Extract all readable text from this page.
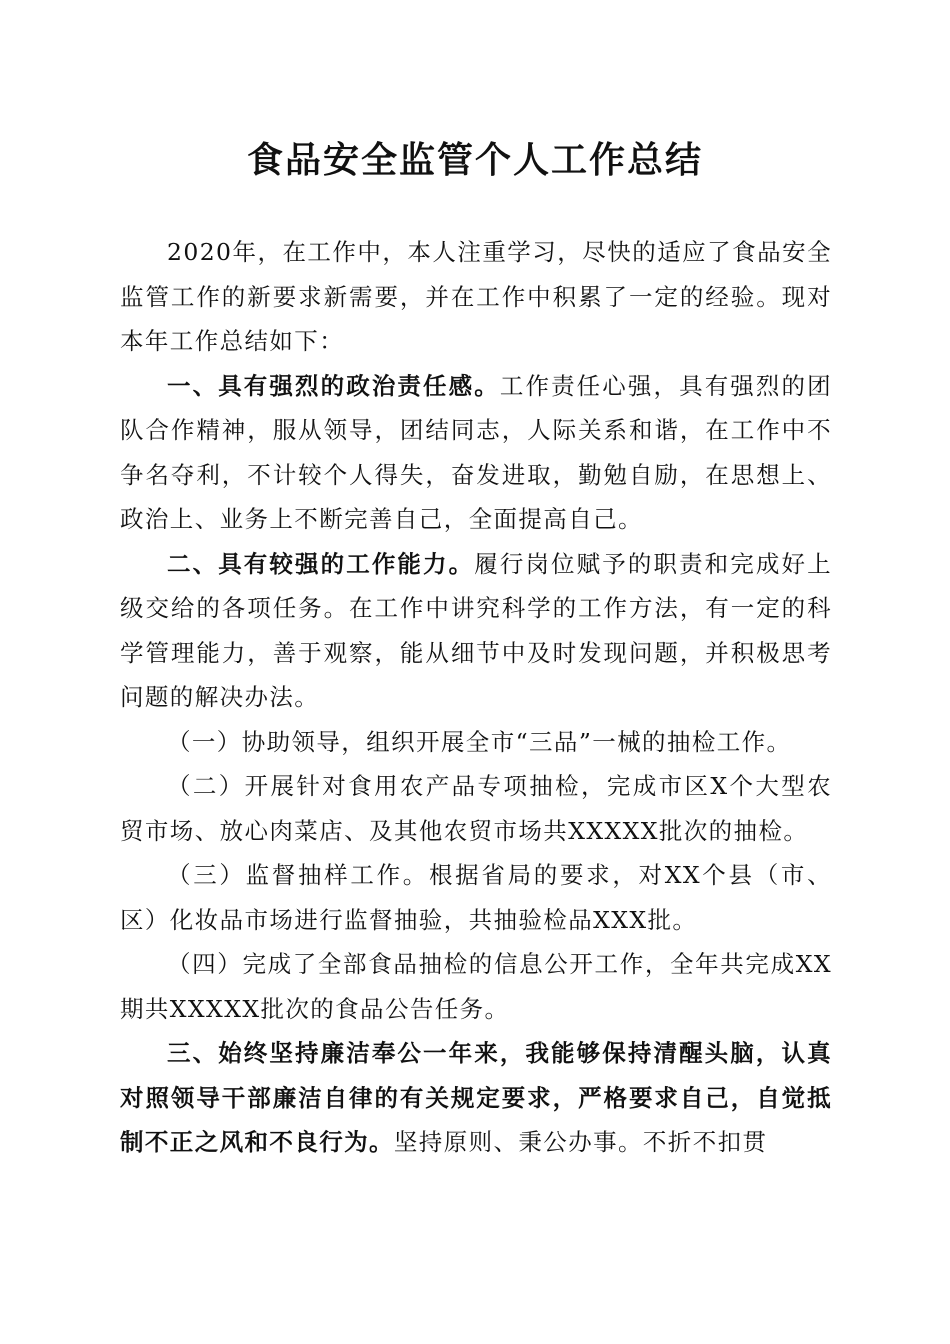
食品安全监管个人工作总结

2020年，在工作中，本人注重学习，尽快的适应了食品安全监管工作的新要求新需要，并在工作中积累了一定的经验。现对本年工作总结如下：

一、具有强烈的政治责任感。工作责任心强，具有强烈的团队合作精神，服从领导，团结同志，人际关系和谐，在工作中不争名夺利，不计较个人得失，奋发进取，勤勉自励，在思想上、政治上、业务上不断完善自己，全面提高自己。

二、具有较强的工作能力。履行岗位赋予的职责和完成好上级交给的各项任务。在工作中讲究科学的工作方法，有一定的科学管理能力，善于观察，能从细节中及时发现问题，并积极思考问题的解决办法。

（一）协助领导，组织开展全市“三品”一械的抽检工作。

（二）开展针对食用农产品专项抽检，完成市区X个大型农贸市场、放心肉菜店、及其他农贸市场共XXXXX批次的抽检。

（三）监督抽样工作。根据省局的要求，对XX个县（市、区）化妆品市场进行监督抽验，共抽验检品XXX批。

（四）完成了全部食品抽检的信息公开工作，全年共完成XX期共XXXXX批次的食品公告任务。

三、始终坚持廉洁奉公一年来，我能够保持清醒头脑，认真对照领导干部廉洁自律的有关规定要求，严格要求自己，自觉抵制不正之风和不良行为。坚持原则、秉公办事。不折不扣贯
